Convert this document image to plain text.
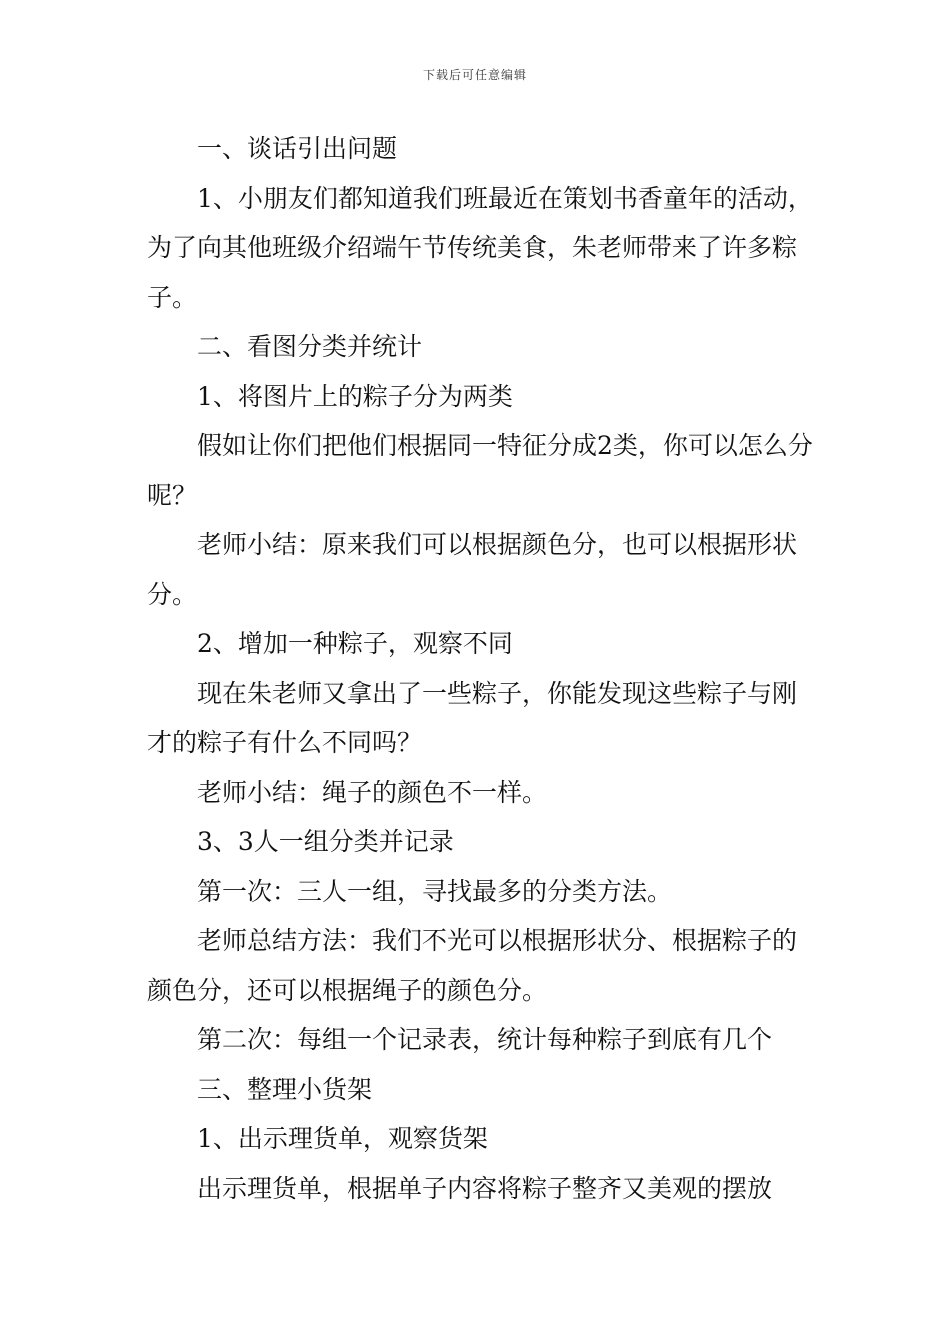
下载后可任意编辑

一、谈话引出问题

1、小朋友们都知道我们班最近在策划书香童年的活动，为了向其他班级介绍端午节传统美食，朱老师带来了许多粽子。

二、看图分类并统计

1、将图片上的粽子分为两类

假如让你们把他们根据同一特征分成2类，你可以怎么分呢？

老师小结：原来我们可以根据颜色分，也可以根据形状分。

2、增加一种粽子，观察不同

现在朱老师又拿出了一些粽子，你能发现这些粽子与刚才的粽子有什么不同吗？

老师小结：绳子的颜色不一样。

3、3人一组分类并记录

第一次：三人一组，寻找最多的分类方法。

老师总结方法：我们不光可以根据形状分、根据粽子的颜色分，还可以根据绳子的颜色分。

第二次：每组一个记录表，统计每种粽子到底有几个

三、整理小货架

1、出示理货单，观察货架

出示理货单，根据单子内容将粽子整齐又美观的摆放
